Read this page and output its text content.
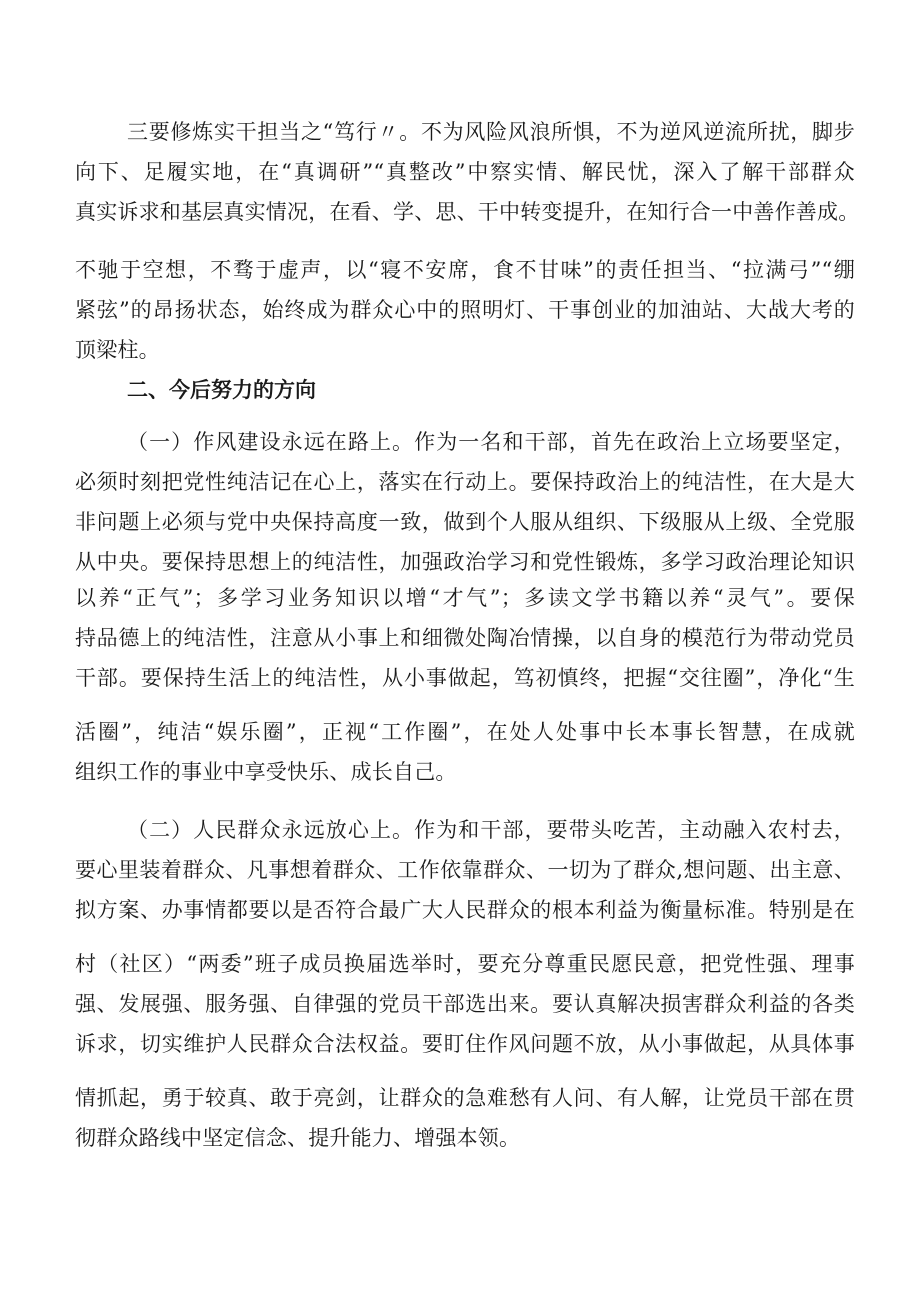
三要修炼实干担当之“笃行〃。不为风险风浪所惧，不为逆风逆流所扰，脚步
向下、足履实地，在“真调研”“真整改”中察实情、解民忧，深入了解干部群众
真实诉求和基层真实情况，在看、学、思、干中转变提升，在知行合一中善作善成。
不驰于空想，不骛于虚声，以“寝不安席，食不甘味”的责任担当、“拉满弓”“绷
紧弦”的昂扬状态，始终成为群众心中的照明灯、干事创业的加油站、大战大考的
顶梁柱。
二、今后努力的方向
（一）作风建设永远在路上。作为一名和干部，首先在政治上立场要坚定，
必须时刻把党性纯洁记在心上，落实在行动上。要保持政治上的纯洁性，在大是大
非问题上必须与党中央保持高度一致，做到个人服从组织、下级服从上级、全党服
从中央。要保持思想上的纯洁性，加强政治学习和党性锻炼，多学习政治理论知识
以养“正气”；多学习业务知识以增“才气”；多读文学书籍以养“灵气”。要保
持品德上的纯洁性，注意从小事上和细微处陶冶情操，以自身的模范行为带动党员
干部。要保持生活上的纯洁性，从小事做起，笃初慎终，把握“交往圈”，净化“生
活圈”，纯洁“娱乐圈”，正视“工作圈”，在处人处事中长本事长智慧，在成就
组织工作的事业中享受快乐、成长自己。
（二）人民群众永远放心上。作为和干部，要带头吃苦，主动融入农村去，
要心里装着群众、凡事想着群众、工作依靠群众、一切为了群众,想问题、出主意、
拟方案、办事情都要以是否符合最广大人民群众的根本利益为衡量标准。特别是在
村（社区）“两委”班子成员换届选举时，要充分尊重民愿民意，把党性强、理事
强、发展强、服务强、自律强的党员干部选出来。要认真解决损害群众利益的各类
诉求，切实维护人民群众合法权益。要盯住作风问题不放，从小事做起，从具体事
情抓起，勇于较真、敢于亮剑，让群众的急难愁有人问、有人解，让党员干部在贯
彻群众路线中坚定信念、提升能力、增强本领。
